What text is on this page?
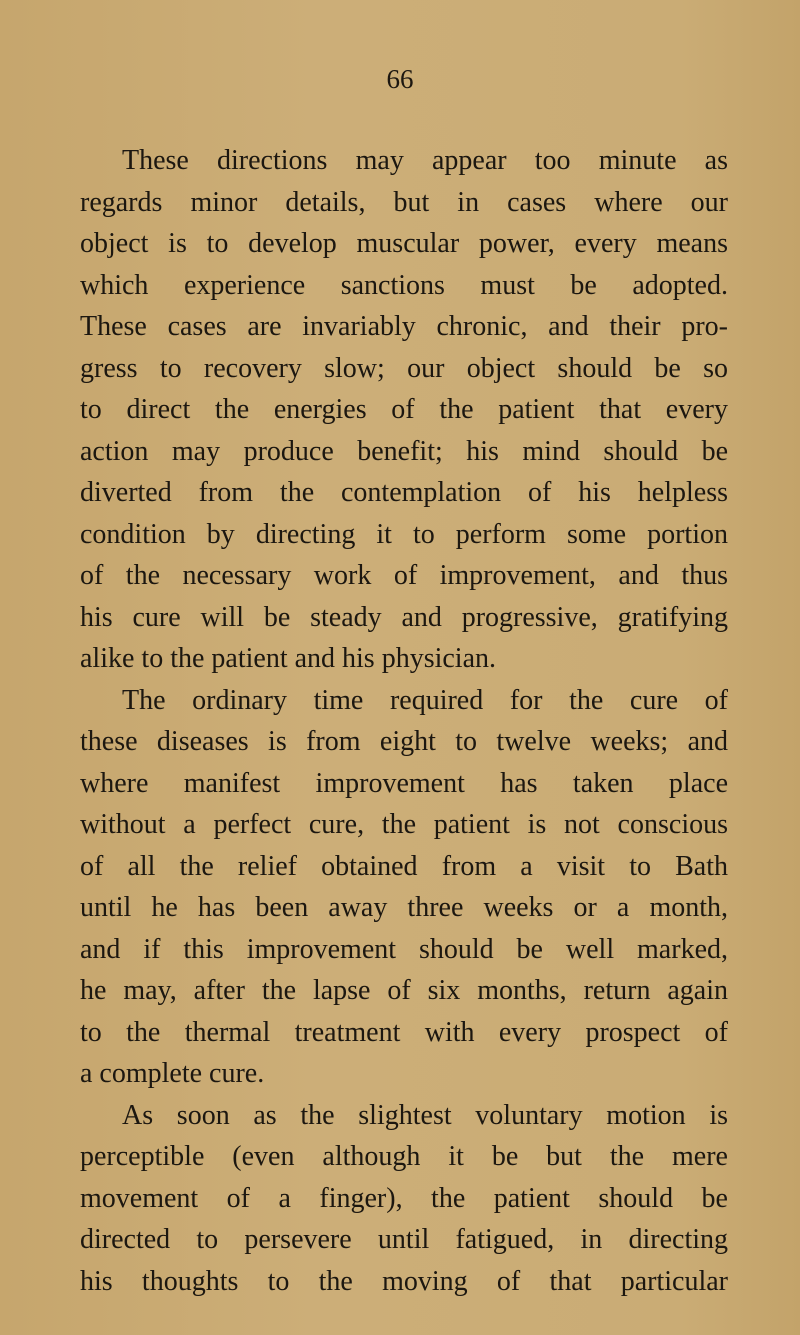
66
These directions may appear too minute as
regards minor details, but in cases where our
object is to develop muscular power, every means
which experience sanctions must be adopted.
These cases are invariably chronic, and their pro-
gress to recovery slow; our object should be so
to direct the energies of the patient that every
action may produce benefit; his mind should be
diverted from the contemplation of his helpless
condition by directing it to perform some portion
of the necessary work of improvement, and thus
his cure will be steady and progressive, gratifying
alike to the patient and his physician.
The ordinary time required for the cure of
these diseases is from eight to twelve weeks; and
where manifest improvement has taken place
without a perfect cure, the patient is not conscious
of all the relief obtained from a visit to Bath
until he has been away three weeks or a month,
and if this improvement should be well marked,
he may, after the lapse of six months, return again
to the thermal treatment with every prospect of
a complete cure.
As soon as the slightest voluntary motion is
perceptible (even although it be but the mere
movement of a finger), the patient should be
directed to persevere until fatigued, in directing
his thoughts to the moving of that particular
